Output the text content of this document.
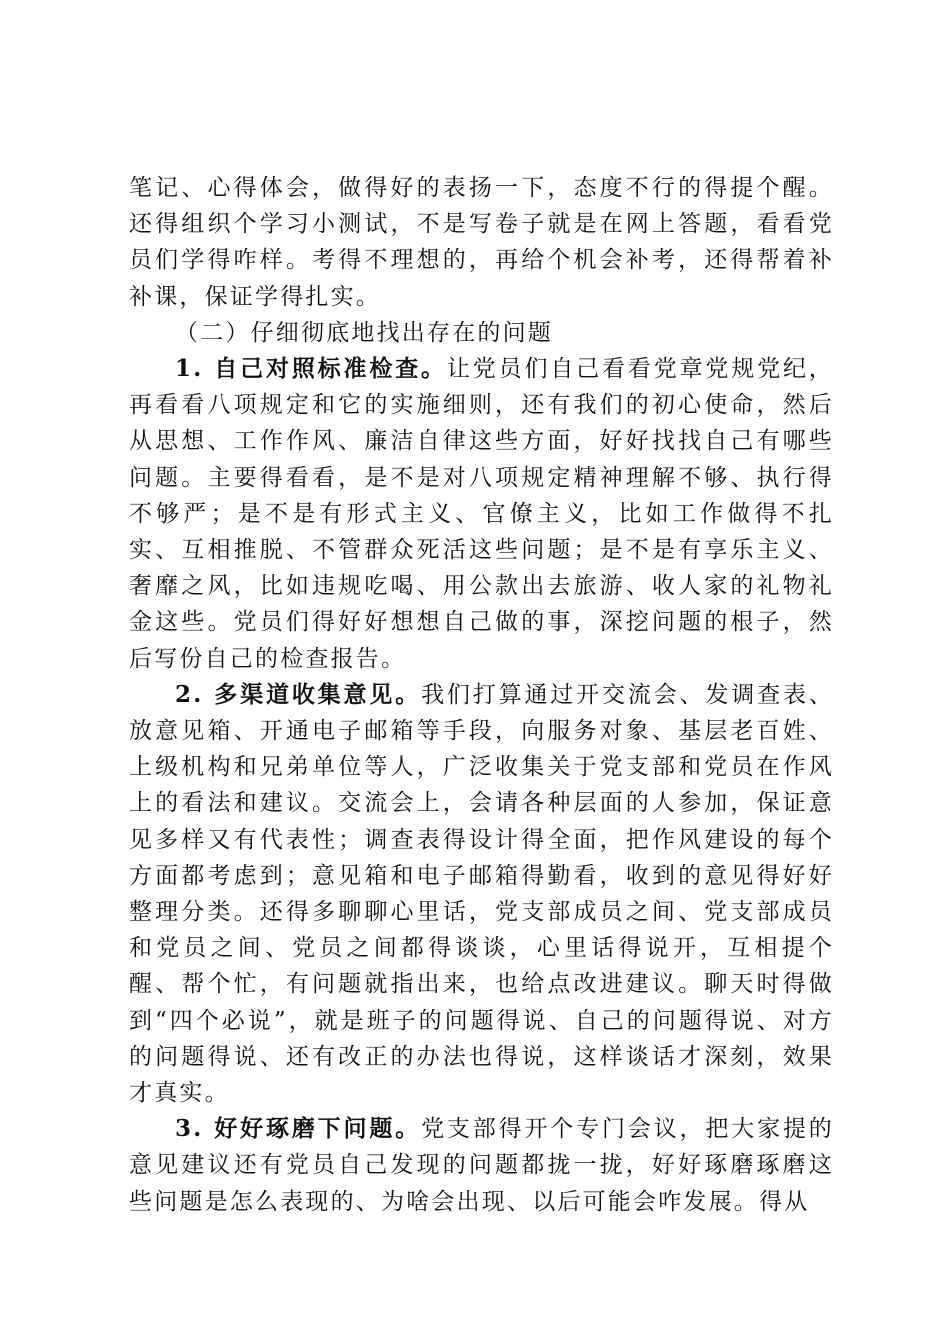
笔记、心得体会，做得好的表扬一下，态度不行的得提个醒。还得组织个学习小测试，不是写卷子就是在网上答题，看看党员们学得咋样。考得不理想的，再给个机会补考，还得帮着补补课，保证学得扎实。

（二）仔细彻底地找出存在的问题

1. 自己对照标准检查。让党员们自己看看党章党规党纪，再看看八项规定和它的实施细则，还有我们的初心使命，然后从思想、工作作风、廉洁自律这些方面，好好找找自己有哪些问题。主要得看看，是不是对八项规定精神理解不够、执行得不够严；是不是有形式主义、官僚主义，比如工作做得不扎实、互相推脱、不管群众死活这些问题；是不是有享乐主义、奢靡之风，比如违规吃喝、用公款出去旅游、收人家的礼物礼金这些。党员们得好好想想自己做的事，深挖问题的根子，然后写份自己的检查报告。

2. 多渠道收集意见。我们打算通过开交流会、发调查表、放意见箱、开通电子邮箱等手段，向服务对象、基层老百姓、上级机构和兄弟单位等人，广泛收集关于党支部和党员在作风上的看法和建议。交流会上，会请各种层面的人参加，保证意见多样又有代表性；调查表得设计得全面，把作风建设的每个方面都考虑到；意见箱和电子邮箱得勤看，收到的意见得好好整理分类。还得多聊聊心里话，党支部成员之间、党支部成员和党员之间、党员之间都得谈谈，心里话得说开，互相提个醒、帮个忙，有问题就指出来，也给点改进建议。聊天时得做到“四个必说”，就是班子的问题得说、自己的问题得说、对方的问题得说、还有改正的办法也得说，这样谈话才深刻，效果才真实。

3. 好好琢磨下问题。党支部得开个专门会议，把大家提的意见建议还有党员自己发现的问题都拢一拢，好好琢磨琢磨这些问题是怎么表现的、为啥会出现、以后可能会咋发展。得从
